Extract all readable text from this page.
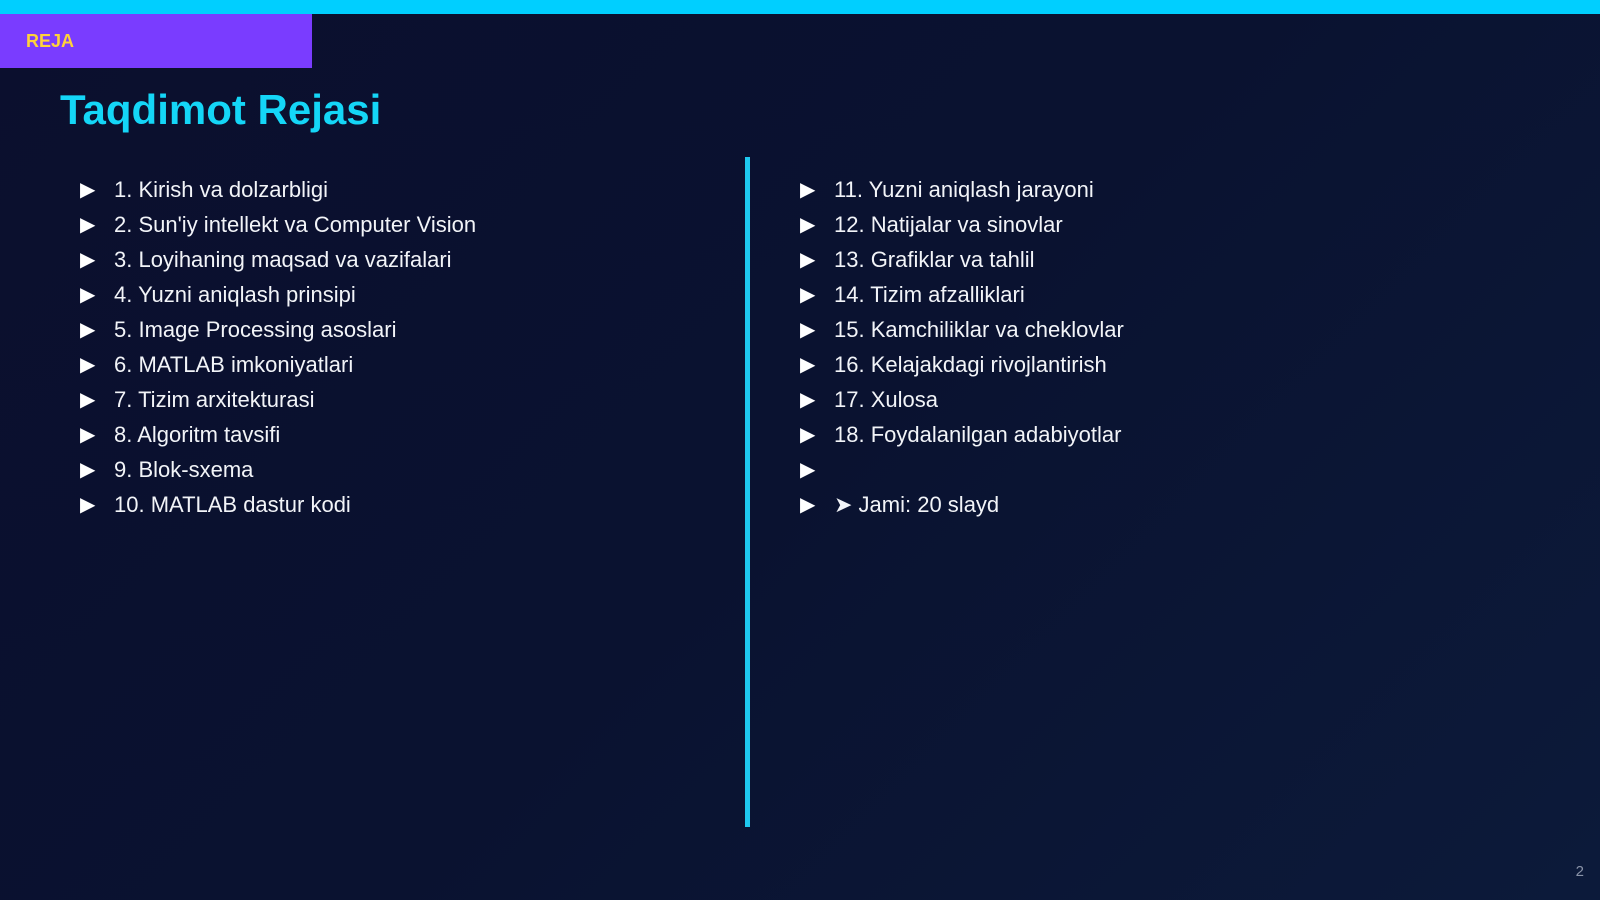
REJA
Taqdimot Rejasi
▶ 1. Kirish va dolzarbligi
▶ 2. Sun'iy intellekt va Computer Vision
▶ 3. Loyihaning maqsad va vazifalari
▶ 4. Yuzni aniqlash prinsipi
▶ 5. Image Processing asoslari
▶ 6. MATLAB imkoniyatlari
▶ 7. Tizim arxitekturasi
▶ 8. Algoritm tavsifi
▶ 9. Blok-sxema
▶ 10. MATLAB dastur kodi
▶ 11. Yuzni aniqlash jarayoni
▶ 12. Natijalar va sinovlar
▶ 13. Grafiklar va tahlil
▶ 14. Tizim afzalliklari
▶ 15. Kamchiliklar va cheklovlar
▶ 16. Kelajakdagi rivojlantirish
▶ 17. Xulosa
▶ 18. Foydalanilgan adabiyotlar
▶
▶ ➤ Jami: 20 slayd
2
